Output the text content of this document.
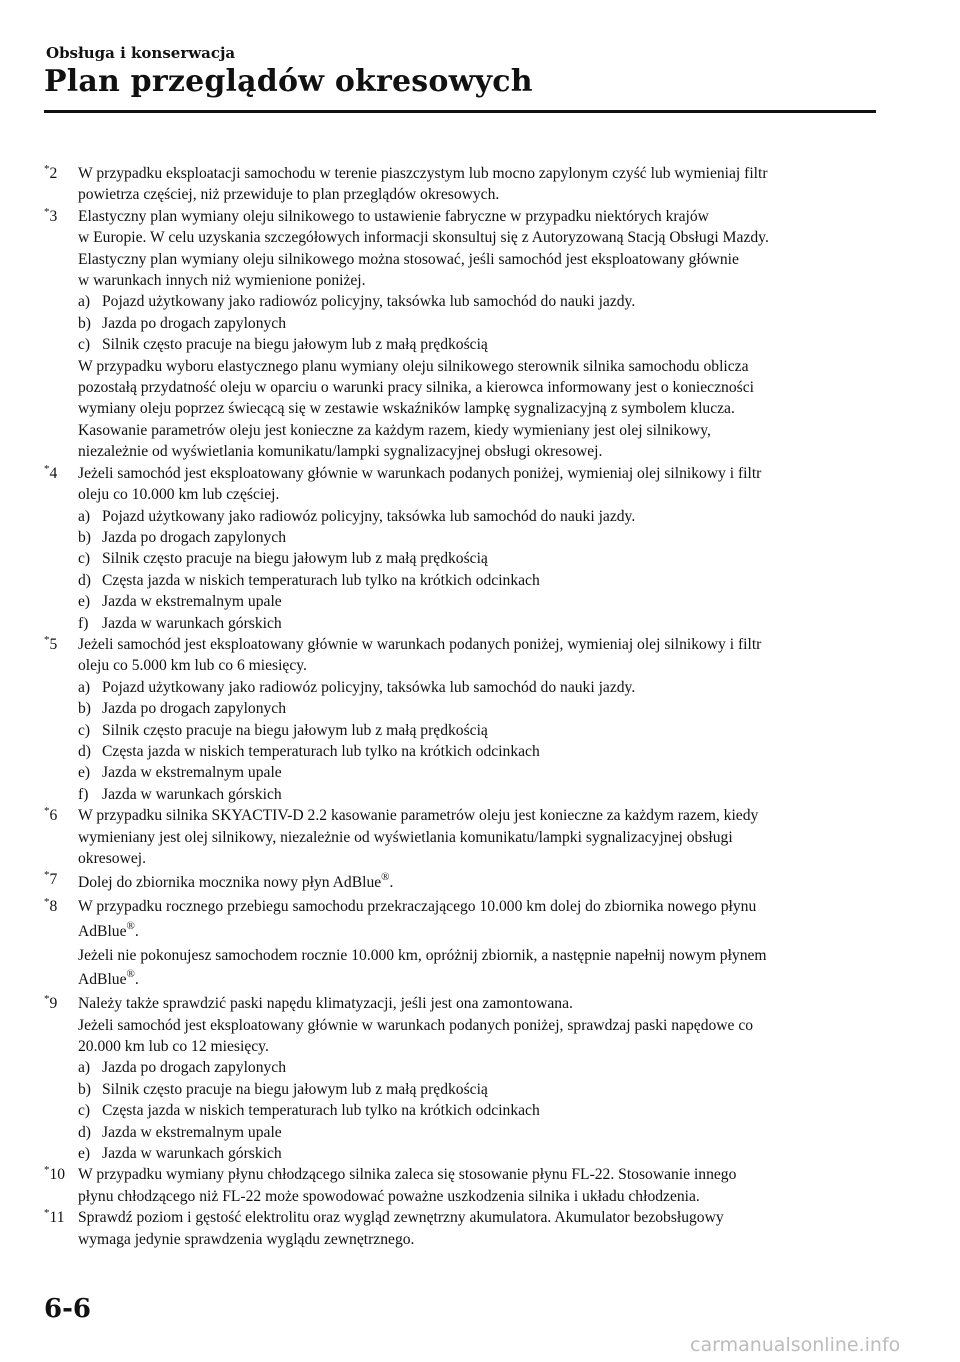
Obsługa i konserwacja
Plan przeglądów okresowych
*2	W przypadku eksploatacji samochodu w terenie piaszczystym lub mocno zapylonym czyść lub wymieniaj filtr
powietrza częściej, niż przewiduje to plan przeglądów okresowych.
*3	Elastyczny plan wymiany oleju silnikowego to ustawienie fabryczne w przypadku niektórych krajów
w Europie. W celu uzyskania szczegółowych informacji skonsultuj się z Autoryzowaną Stacją Obsługi Mazdy.
Elastyczny plan wymiany oleju silnikowego można stosować, jeśli samochód jest eksploatowany głównie
w warunkach innych niż wymienione poniżej.
a) Pojazd użytkowany jako radiowóz policyjny, taksówka lub samochód do nauki jazdy.
b) Jazda po drogach zapylonych
c) Silnik często pracuje na biegu jałowym lub z małą prędkością
W przypadku wyboru elastycznego planu wymiany oleju silnikowego sterownik silnika samochodu oblicza
pozostałą przydatność oleju w oparciu o warunki pracy silnika, a kierowca informowany jest o konieczności
wymiany oleju poprzez świecącą się w zestawie wskaźników lampkę sygnalizacyjną z symbolem klucza.
Kasowanie parametrów oleju jest konieczne za każdym razem, kiedy wymieniany jest olej silnikowy,
niezależnie od wyświetlania komunikatu/lampki sygnalizacyjnej obsługi okresowej.
*4	Jeżeli samochód jest eksploatowany głównie w warunkach podanych poniżej, wymieniaj olej silnikowy i filtr
oleju co 10.000 km lub częściej.
a) Pojazd użytkowany jako radiowóz policyjny, taksówka lub samochód do nauki jazdy.
b) Jazda po drogach zapylonych
c) Silnik często pracuje na biegu jałowym lub z małą prędkością
d) Częsta jazda w niskich temperaturach lub tylko na krótkich odcinkach
e) Jazda w ekstremalnym upale
f) Jazda w warunkach górskich
*5	Jeżeli samochód jest eksploatowany głównie w warunkach podanych poniżej, wymieniaj olej silnikowy i filtr
oleju co 5.000 km lub co 6 miesięcy.
a) Pojazd użytkowany jako radiowóz policyjny, taksówka lub samochód do nauki jazdy.
b) Jazda po drogach zapylonych
c) Silnik często pracuje na biegu jałowym lub z małą prędkością
d) Częsta jazda w niskich temperaturach lub tylko na krótkich odcinkach
e) Jazda w ekstremalnym upale
f) Jazda w warunkach górskich
*6	W przypadku silnika SKYACTIV-D 2.2 kasowanie parametrów oleju jest konieczne za każdym razem, kiedy
wymieniany jest olej silnikowy, niezależnie od wyświetlania komunikatu/lampki sygnalizacyjnej obsługi
okresowej.
*7	Dolej do zbiornika mocznika nowy płyn AdBlue®.
*8	W przypadku rocznego przebiegu samochodu przekraczającego 10.000 km dolej do zbiornika nowego płynu
AdBlue®.
Jeżeli nie pokonujesz samochodem rocznie 10.000 km, opróżnij zbiornik, a następnie napełnij nowym płynem
AdBlue®.
*9	Należy także sprawdzić paski napędu klimatyzacji, jeśli jest ona zamontowana.
Jeżeli samochód jest eksploatowany głównie w warunkach podanych poniżej, sprawdzaj paski napędowe co
20.000 km lub co 12 miesięcy.
a) Jazda po drogach zapylonych
b) Silnik często pracuje na biegu jałowym lub z małą prędkością
c) Częsta jazda w niskich temperaturach lub tylko na krótkich odcinkach
d) Jazda w ekstremalnym upale
e) Jazda w warunkach górskich
*10 W przypadku wymiany płynu chłodzącego silnika zaleca się stosowanie płynu FL-22. Stosowanie innego
płynu chłodzącego niż FL-22 może spowodować poważne uszkodzenia silnika i układu chłodzenia.
*11 Sprawdź poziom i gęstość elektrolitu oraz wygląd zewnętrzny akumulatora. Akumulator bezobsługowy
wymaga jedynie sprawdzenia wyglądu zewnętrznego.
6-6
carmanualsonline.info
